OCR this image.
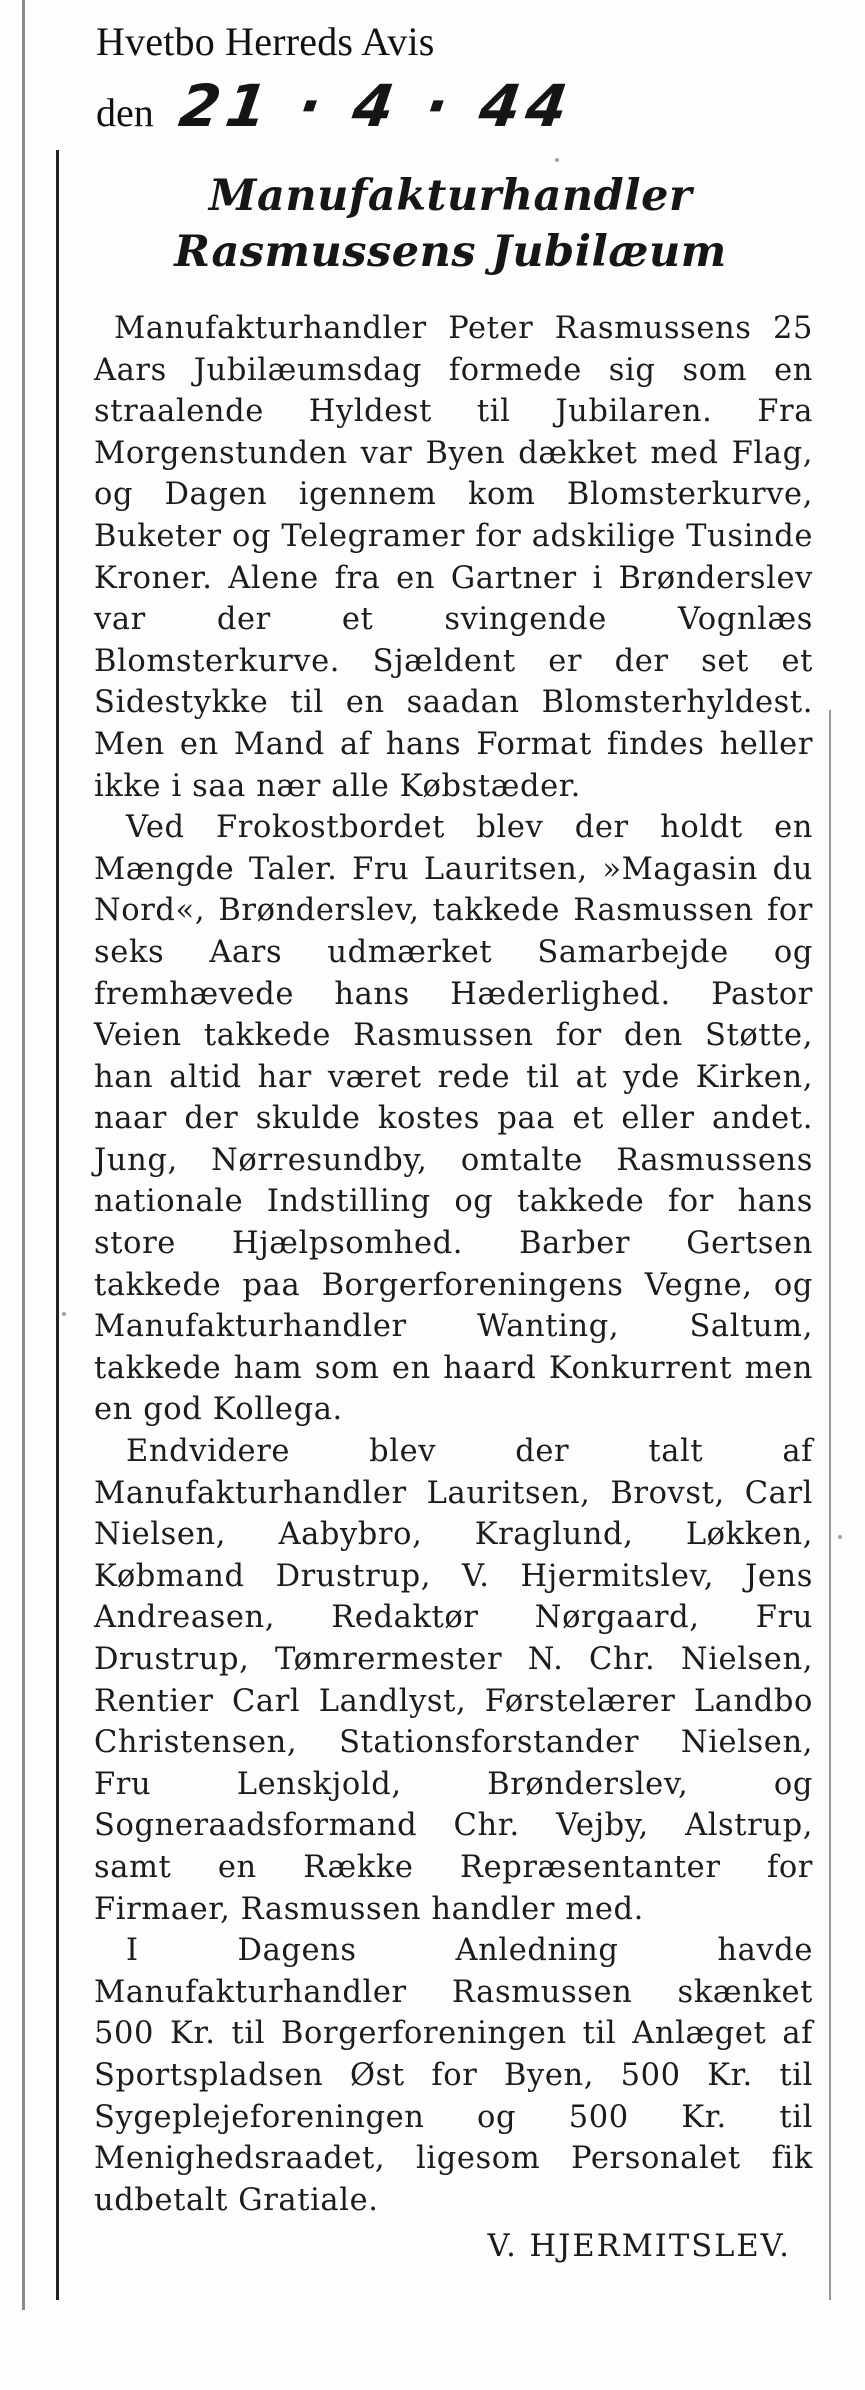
Hvetbo Herreds Avis
den 21 · 4 · 44
Manufakturhandler Rasmussens Jubilæum

Manufakturhandler Peter Rasmussens 25 Aars Jubilæumsdag formede sig som en straalende Hyldest til Jubilaren. Fra Morgenstunden var Byen dækket med Flag, og Dagen igennem kom Blomsterkurve, Buketer og Telegramer for adskilige Tusinde Kroner. Alene fra en Gartner i Brønderslev var der et svingende Vognlæs Blomsterkurve. Sjældent er der set et Sidestykke til en saadan Blomsterhyldest. Men en Mand af hans Format findes heller ikke i saa nær alle Købstæder.

Ved Frokostbordet blev der holdt en Mængde Taler. Fru Lauritsen, »Magasin du Nord«, Brønderslev, takkede Rasmussen for seks Aars udmærket Samarbejde og fremhævede hans Hæderlighed. Pastor Veien takkede Rasmussen for den Støtte, han altid har været rede til at yde Kirken, naar der skulde kostes paa et eller andet. Jung, Nørresundby, omtalte Rasmussens nationale Indstilling og takkede for hans store Hjælpsomhed. Barber Gertsen takkede paa Borgerforeningens Vegne, og Manufakturhandler Wanting, Saltum, takkede ham som en haard Konkurrent men en god Kollega.

Endvidere blev der talt af Manufakturhandler Lauritsen, Brovst, Carl Nielsen, Aabybro, Kraglund, Løkken, Købmand Drustrup, V. Hjermitslev, Jens Andreasen, Redaktør Nørgaard, Fru Drustrup, Tømrermester N. Chr. Nielsen, Rentier Carl Landlyst, Førstelærer Landbo Christensen, Stationsforstander Nielsen, Fru Lenskjold, Brønderslev, og Sogneraadsformand Chr. Vejby, Alstrup, samt en Række Repræsentanter for Firmaer, Rasmussen handler med.

I Dagens Anledning havde Manufakturhandler Rasmussen skænket 500 Kr. til Borgerforeningen til Anlæget af Sportspladsen Øst for Byen, 500 Kr. til Sygeplejeforeningen og 500 Kr. til Menighedsraadet, ligesom Personalet fik udbetalt Gratiale.

V. HJERMITSLEV.
